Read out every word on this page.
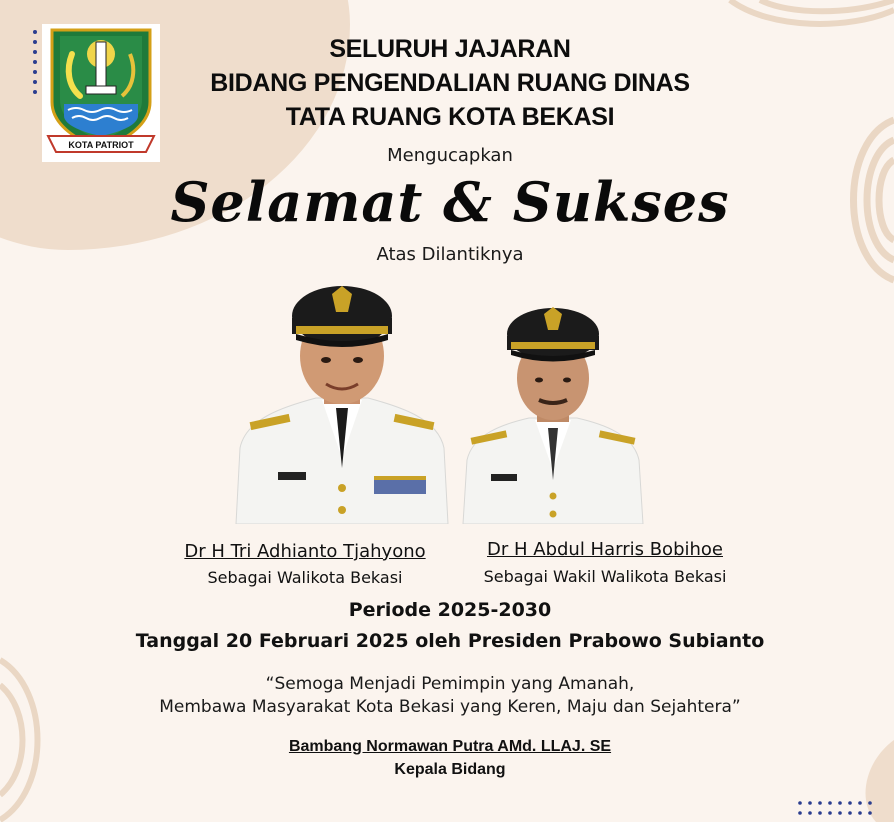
KOTA PATRIOT
SELURUH JAJARAN
BIDANG PENGENDALIAN RUANG DINAS
TATA RUANG KOTA BEKASI
Mengucapkan
Selamat & Sukses
Atas Dilantiknya
Dr H Tri Adhianto Tjahyono
Sebagai Walikota Bekasi
Dr H Abdul Harris Bobihoe
Sebagai Wakil Walikota Bekasi
Periode 2025-2030
Tanggal 20 Februari 2025 oleh Presiden Prabowo Subianto
“Semoga Menjadi Pemimpin yang Amanah,
Membawa Masyarakat Kota Bekasi yang Keren, Maju dan Sejahtera”
Bambang Normawan Putra AMd. LLAJ. SE
Kepala Bidang
